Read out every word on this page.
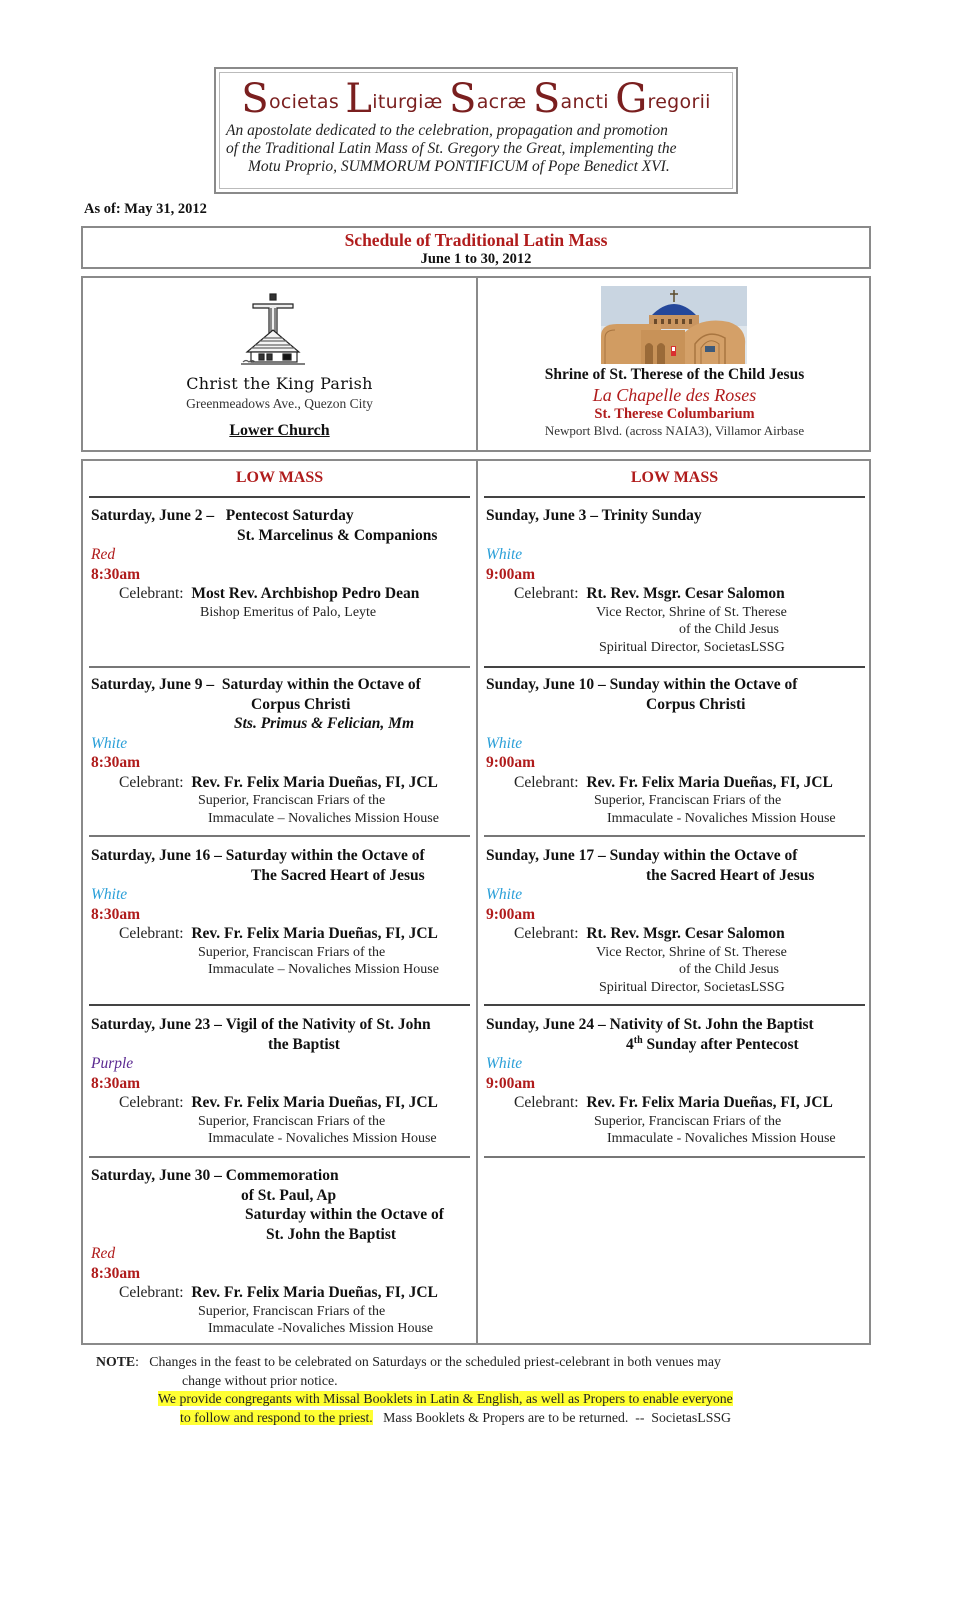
Societas Liturgiæ Sacræ Sancti Gregorii
An apostolate dedicated to the celebration, propagation and promotion
of the Traditional Latin Mass of St. Gregory the Great, implementing the
Motu Proprio, SUMMORUM PONTIFICUM of Pope Benedict XVI.
As of: May 31, 2012
Schedule of Traditional Latin Mass
June 1 to 30, 2012
Christ the King Parish
Greenmeadows Ave., Quezon City
Lower Church
Shrine of St. Therese of the Child Jesus
La Chapelle des Roses
St. Therese Columbarium
Newport Blvd. (across NAIA3), Villamor Airbase
LOW MASS
Saturday, June 2 – Pentecost Saturday
St. Marcelinus & Companions
Red
8:30am
Celebrant: Most Rev. Archbishop Pedro Dean
Bishop Emeritus of Palo, Leyte
Saturday, June 9 – Saturday within the Octave of
Corpus Christi
Sts. Primus & Felician, Mm
White
8:30am
Celebrant: Rev. Fr. Felix Maria Dueñas, FI, JCL
Superior, Franciscan Friars of the
Immaculate – Novaliches Mission House
Saturday, June 16 – Saturday within the Octave of
The Sacred Heart of Jesus
White
8:30am
Celebrant: Rev. Fr. Felix Maria Dueñas, FI, JCL
Superior, Franciscan Friars of the
Immaculate – Novaliches Mission House
Saturday, June 23 – Vigil of the Nativity of St. John
the Baptist
Purple
8:30am
Celebrant: Rev. Fr. Felix Maria Dueñas, FI, JCL
Superior, Franciscan Friars of the
Immaculate - Novaliches Mission House
Saturday, June 30 – Commemoration
of St. Paul, Ap
Saturday within the Octave of
St. John the Baptist
Red
8:30am
Celebrant: Rev. Fr. Felix Maria Dueñas, FI, JCL
Superior, Franciscan Friars of the
Immaculate -Novaliches Mission House
LOW MASS
Sunday, June 3 – Trinity Sunday
White
9:00am
Celebrant: Rt. Rev. Msgr. Cesar Salomon
Vice Rector, Shrine of St. Therese
of the Child Jesus
Spiritual Director, SocietasLSSG
Sunday, June 10 – Sunday within the Octave of
Corpus Christi
White
9:00am
Celebrant: Rev. Fr. Felix Maria Dueñas, FI, JCL
Superior, Franciscan Friars of the
Immaculate - Novaliches Mission House
Sunday, June 17 – Sunday within the Octave of
the Sacred Heart of Jesus
White
9:00am
Celebrant: Rt. Rev. Msgr. Cesar Salomon
Vice Rector, Shrine of St. Therese
of the Child Jesus
Spiritual Director, SocietasLSSG
Sunday, June 24 – Nativity of St. John the Baptist
4th Sunday after Pentecost
White
9:00am
Celebrant: Rev. Fr. Felix Maria Dueñas, FI, JCL
Superior, Franciscan Friars of the
Immaculate - Novaliches Mission House
NOTE:   Changes in the feast to be celebrated on Saturdays or the scheduled priest-celebrant in both venues may
change without prior notice.
We provide congregants with Missal Booklets in Latin & English, as well as Propers to enable everyone
to follow and respond to the priest.   Mass Booklets & Propers are to be returned.  --  SocietasLSSG
